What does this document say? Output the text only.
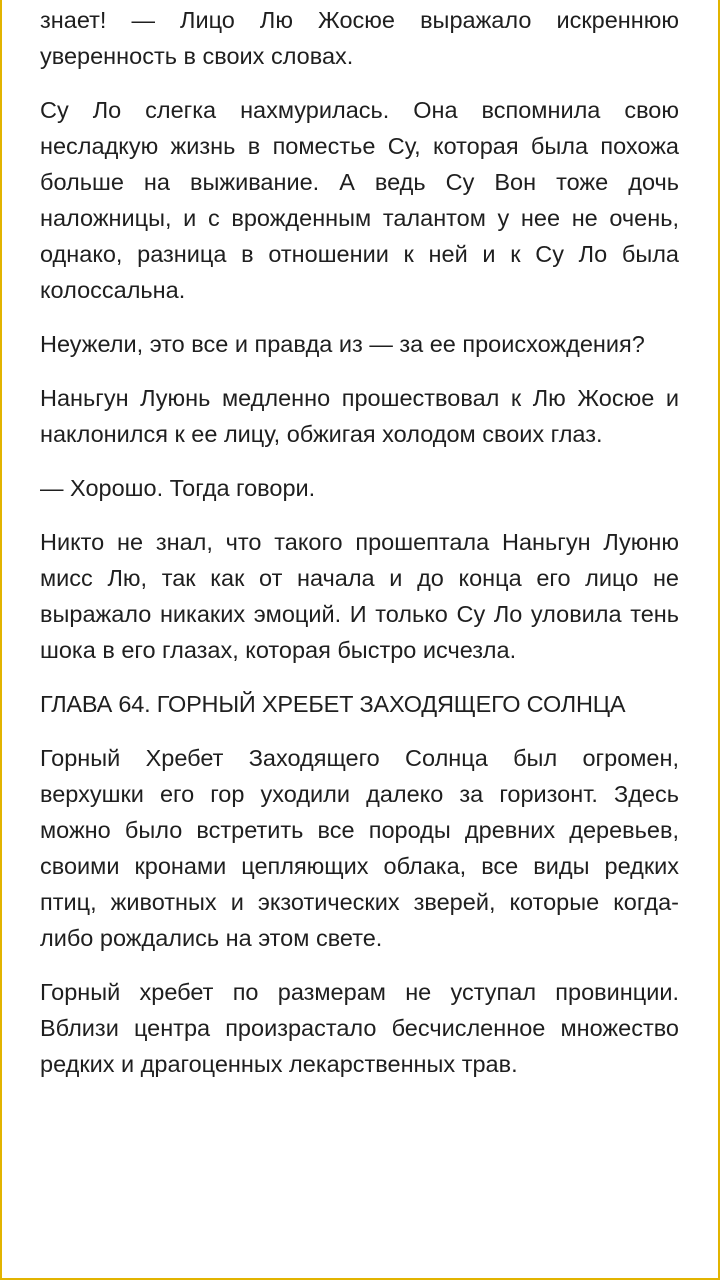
знает! — Лицо Лю Жосюе выражало искреннюю уверенность в своих словах.

Су Ло слегка нахмурилась. Она вспомнила свою несладкую жизнь в поместье Су, которая была похожа больше на выживание. А ведь Су Вон тоже дочь наложницы, и с врожденным талантом у нее не очень, однако, разница в отношении к ней и к Су Ло была колоссальна.

Неужели, это все и правда из — за ее происхождения?

Наньгун Луюнь медленно прошествовал к Лю Жосюе и наклонился к ее лицу, обжигая холодом своих глаз.

— Хорошо. Тогда говори.

Никто не знал, что такого прошептала Наньгун Луюню мисс Лю, так как от начала и до конца его лицо не выражало никаких эмоций. И только Су Ло уловила тень шока в его глазах, которая быстро исчезла.

ГЛАВА 64. ГОРНЫЙ ХРЕБЕТ ЗАХОДЯЩЕГО СОЛНЦА

Горный Хребет Заходящего Солнца был огромен, верхушки его гор уходили далеко за горизонт. Здесь можно было встретить все породы древних деревьев, своими кронами цепляющих облака, все виды редких птиц, животных и экзотических зверей, которые когда-либо рождались на этом свете.

Горный хребет по размерам не уступал провинции. Вблизи центра произрастало бесчисленное множество редких и драгоценных лекарственных трав.
